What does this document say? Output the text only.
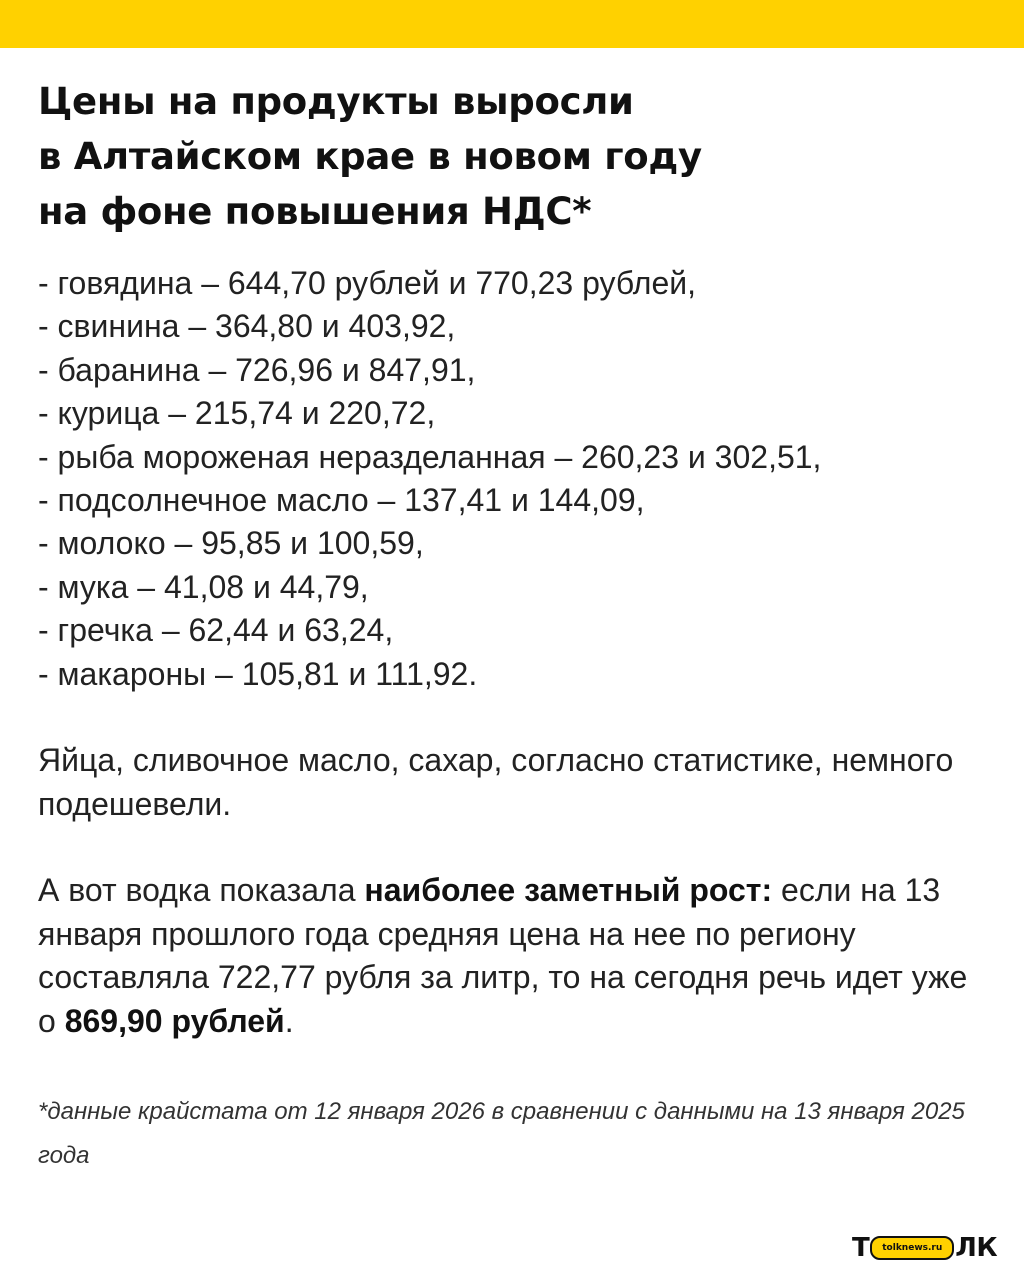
Цены на продукты выросли
в Алтайском крае в новом году
на фоне повышения НДС*
- говядина – 644,70 рублей и 770,23 рублей,
- свинина – 364,80 и 403,92,
- баранина – 726,96 и 847,91,
- курица – 215,74 и 220,72,
- рыба мороженая неразделанная – 260,23 и 302,51,
- подсолнечное масло – 137,41 и 144,09,
- молоко – 95,85 и 100,59,
- мука – 41,08 и 44,79,
- гречка – 62,44 и 63,24,
- макароны – 105,81 и 111,92.

Яйца, сливочное масло, сахар, согласно статистике, немного подешевели.

А вот водка показала наиболее заметный рост: если на 13 января прошлого года средняя цена на нее по региону составляла 722,77 рубля за литр, то на сегодня речь идет уже о 869,90 рублей.

*данные крайстата от 12 января 2026 в сравнении с данными на 13 января 2025 года

Т	tolknews.ru ЛК
